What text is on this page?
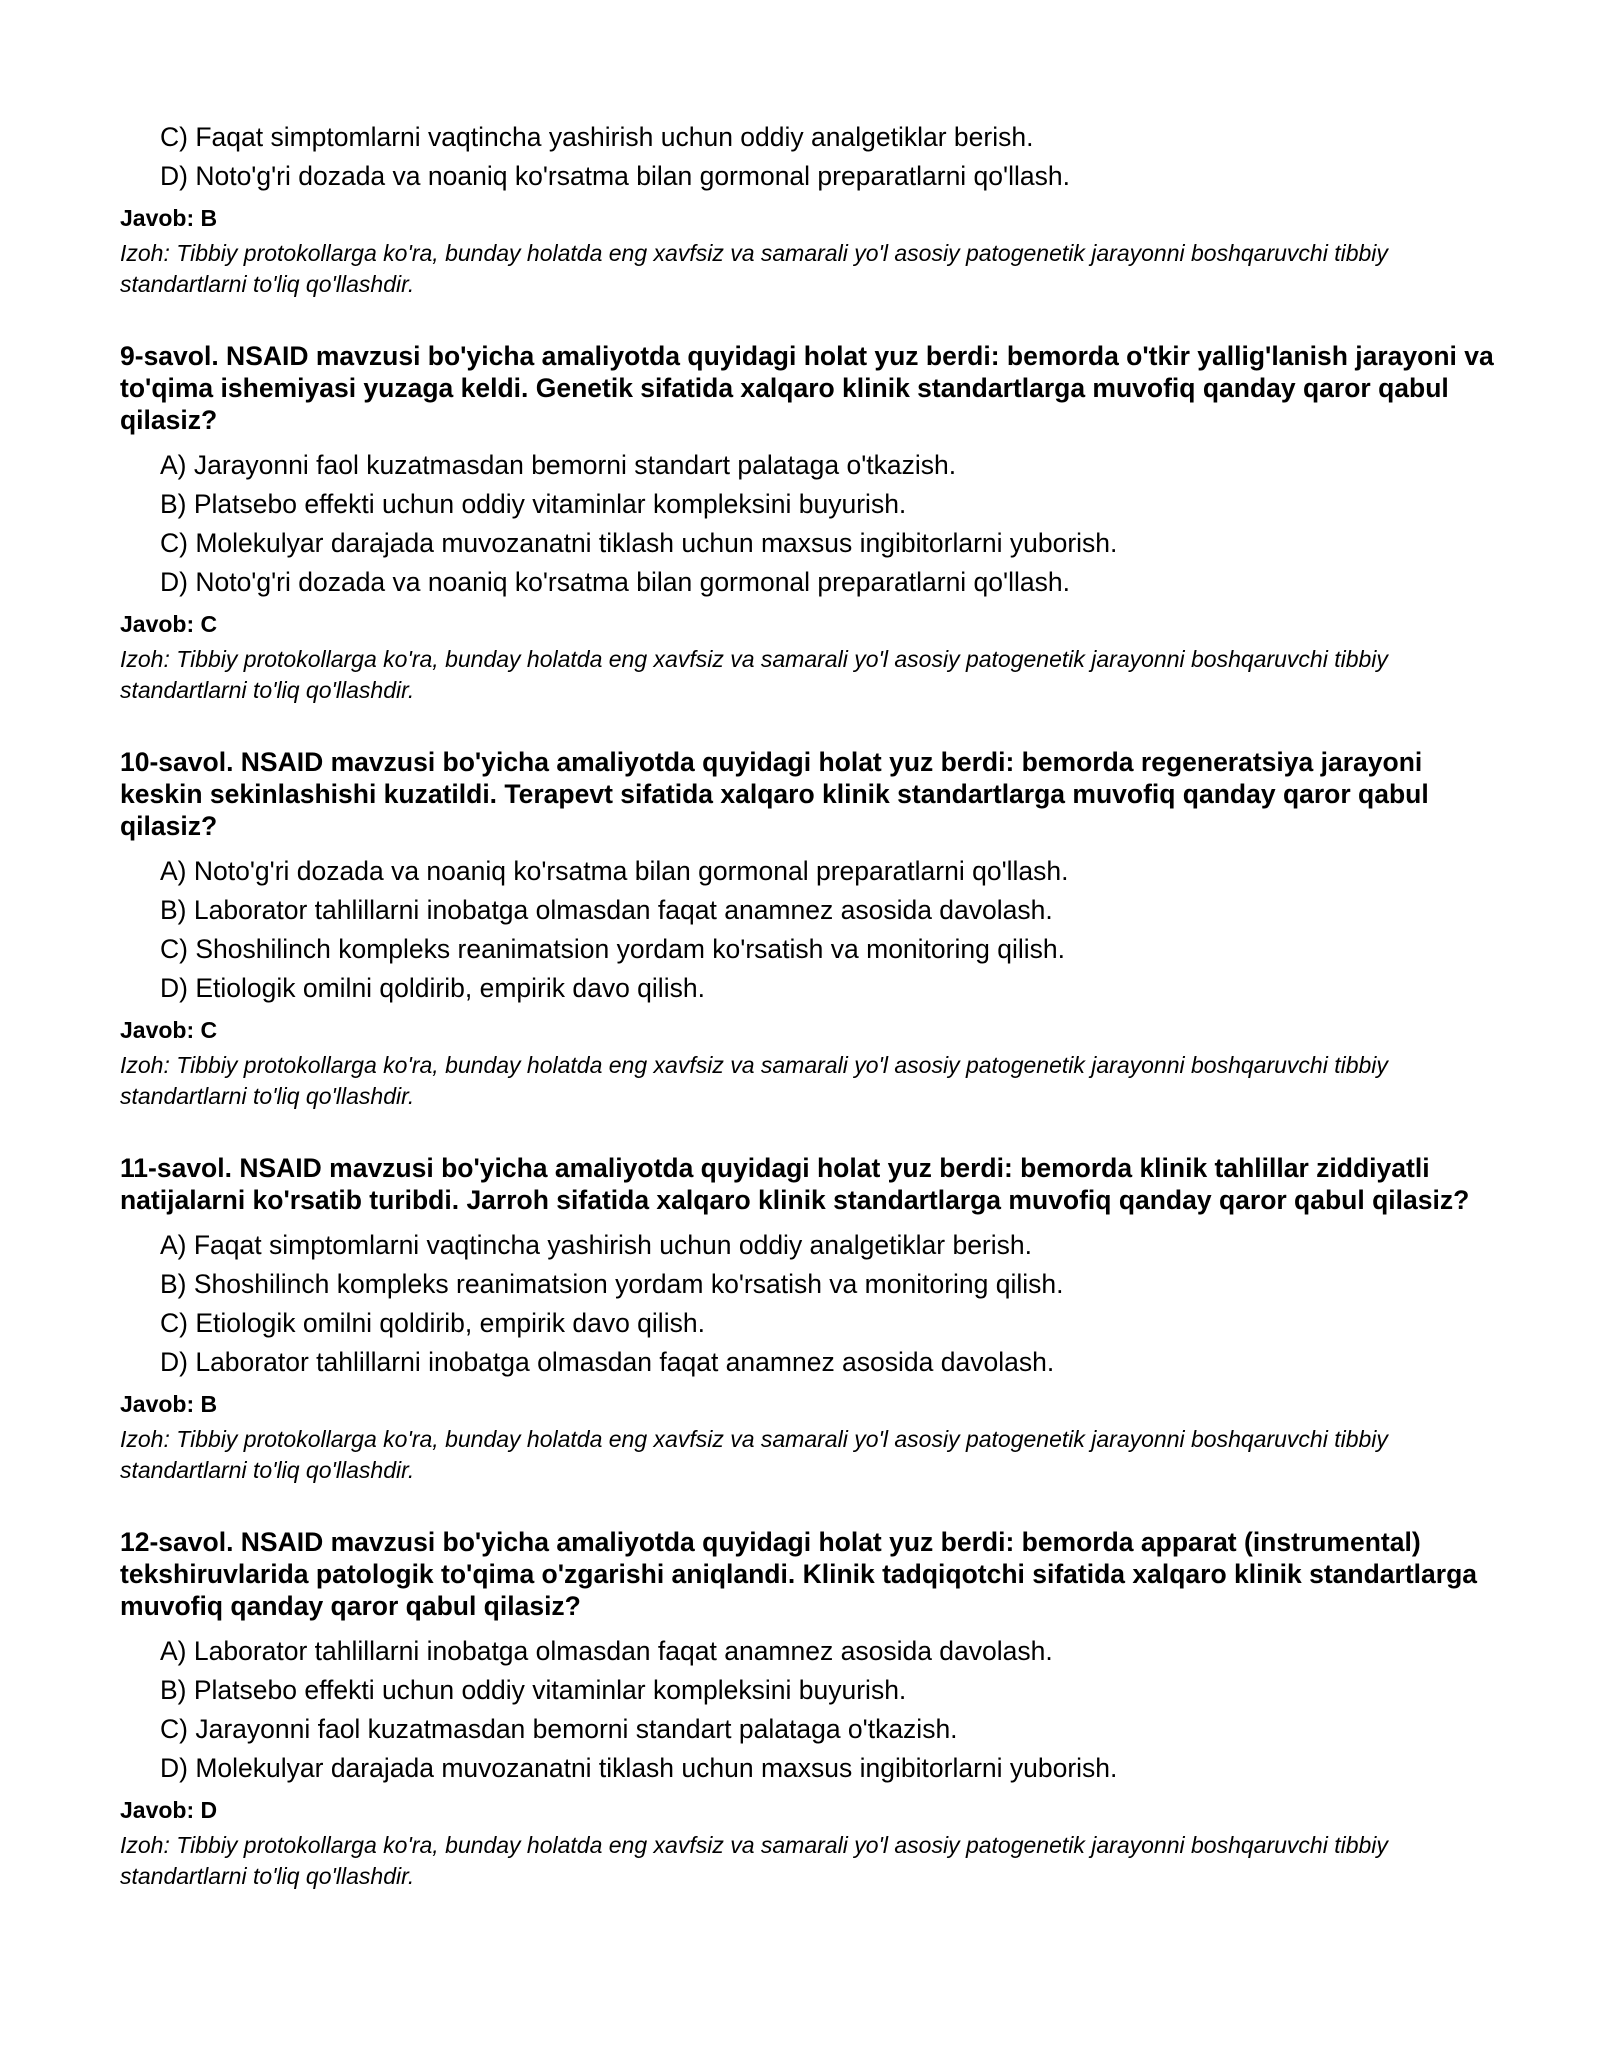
C) Faqat simptomlarni vaqtincha yashirish uchun oddiy analgetiklar berish.
D) Noto'g'ri dozada va noaniq ko'rsatma bilan gormonal preparatlarni qo'llash.
Javob: B
Izoh: Tibbiy protokollarga ko'ra, bunday holatda eng xavfsiz va samarali yo'l asosiy patogenetik jarayonni boshqaruvchi tibbiy standartlarni to'liq qo'llashdir.
9-savol. NSAID mavzusi bo'yicha amaliyotda quyidagi holat yuz berdi: bemorda o'tkir yallig'lanish jarayoni va to'qima ishemiyasi yuzaga keldi. Genetik sifatida xalqaro klinik standartlarga muvofiq qanday qaror qabul qilasiz?
A) Jarayonni faol kuzatmasdan bemorni standart palataga o'tkazish.
B) Platsebo effekti uchun oddiy vitaminlar kompleksini buyurish.
C) Molekulyar darajada muvozanatni tiklash uchun maxsus ingibitorlarni yuborish.
D) Noto'g'ri dozada va noaniq ko'rsatma bilan gormonal preparatlarni qo'llash.
Javob: C
Izoh: Tibbiy protokollarga ko'ra, bunday holatda eng xavfsiz va samarali yo'l asosiy patogenetik jarayonni boshqaruvchi tibbiy standartlarni to'liq qo'llashdir.
10-savol. NSAID mavzusi bo'yicha amaliyotda quyidagi holat yuz berdi: bemorda regeneratsiya jarayoni keskin sekinlashishi kuzatildi. Terapevt sifatida xalqaro klinik standartlarga muvofiq qanday qaror qabul qilasiz?
A) Noto'g'ri dozada va noaniq ko'rsatma bilan gormonal preparatlarni qo'llash.
B) Laborator tahlillarni inobatga olmasdan faqat anamnez asosida davolash.
C) Shoshilinch kompleks reanimatsion yordam ko'rsatish va monitoring qilish.
D) Etiologik omilni qoldirib, empirik davo qilish.
Javob: C
Izoh: Tibbiy protokollarga ko'ra, bunday holatda eng xavfsiz va samarali yo'l asosiy patogenetik jarayonni boshqaruvchi tibbiy standartlarni to'liq qo'llashdir.
11-savol. NSAID mavzusi bo'yicha amaliyotda quyidagi holat yuz berdi: bemorda klinik tahlillar ziddiyatli natijalarni ko'rsatib turibdi. Jarroh sifatida xalqaro klinik standartlarga muvofiq qanday qaror qabul qilasiz?
A) Faqat simptomlarni vaqtincha yashirish uchun oddiy analgetiklar berish.
B) Shoshilinch kompleks reanimatsion yordam ko'rsatish va monitoring qilish.
C) Etiologik omilni qoldirib, empirik davo qilish.
D) Laborator tahlillarni inobatga olmasdan faqat anamnez asosida davolash.
Javob: B
Izoh: Tibbiy protokollarga ko'ra, bunday holatda eng xavfsiz va samarali yo'l asosiy patogenetik jarayonni boshqaruvchi tibbiy standartlarni to'liq qo'llashdir.
12-savol. NSAID mavzusi bo'yicha amaliyotda quyidagi holat yuz berdi: bemorda apparat (instrumental) tekshiruvlarida patologik to'qima o'zgarishi aniqlandi. Klinik tadqiqotchi sifatida xalqaro klinik standartlarga muvofiq qanday qaror qabul qilasiz?
A) Laborator tahlillarni inobatga olmasdan faqat anamnez asosida davolash.
B) Platsebo effekti uchun oddiy vitaminlar kompleksini buyurish.
C) Jarayonni faol kuzatmasdan bemorni standart palataga o'tkazish.
D) Molekulyar darajada muvozanatni tiklash uchun maxsus ingibitorlarni yuborish.
Javob: D
Izoh: Tibbiy protokollarga ko'ra, bunday holatda eng xavfsiz va samarali yo'l asosiy patogenetik jarayonni boshqaruvchi tibbiy standartlarni to'liq qo'llashdir.
